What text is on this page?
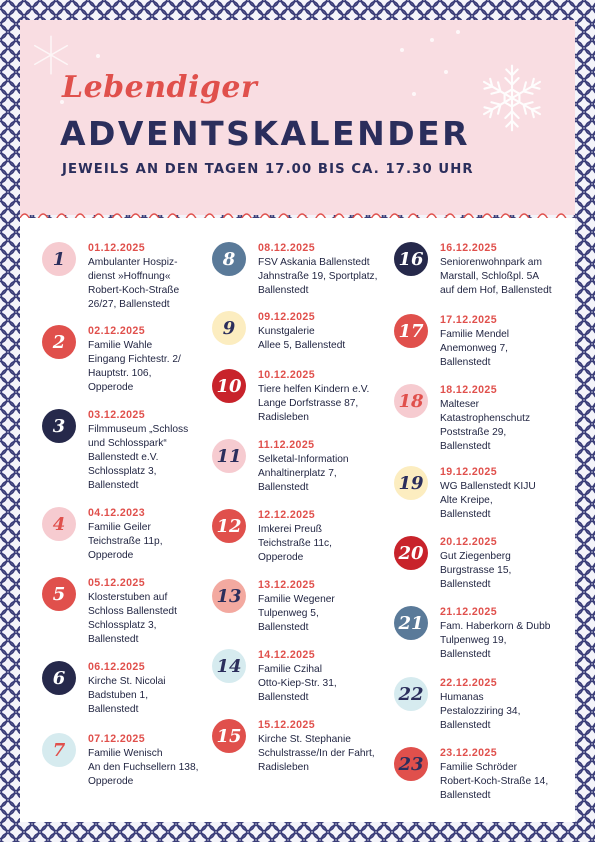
Lebendiger
ADVENTSKALENDER
JEWEILS AN DEN TAGEN 17.00 BIS CA. 17.30 UHR
1
01.12.2025
Ambulanter Hospiz-
dienst »Hoffnung«
Robert-Koch-Straße
26/27, Ballenstedt
2
02.12.2025
Familie Wahle
Eingang Fichtestr. 2/
Hauptstr. 106,
Opperode
3
03.12.2025
Filmmuseum „Schloss
und Schlosspark“
Ballenstedt e.V.
Schlossplatz 3,
Ballenstedt
4
04.12.2023
Familie Geiler
Teichstraße 11p,
Opperode
5
05.12.2025
Klosterstuben auf
Schloss Ballenstedt
Schlossplatz 3,
Ballenstedt
6
06.12.2025
Kirche St. Nicolai
Badstuben 1,
Ballenstedt
7
07.12.2025
Familie Wenisch
An den Fuchsellern 138,
Opperode
8
08.12.2025
FSV Askania Ballenstedt
Jahnstraße 19, Sportplatz,
Ballenstedt
9
09.12.2025
Kunstgalerie
Allee 5, Ballenstedt
10
10.12.2025
Tiere helfen Kindern e.V.
Lange Dorfstrasse 87,
Radisleben
11
11.12.2025
Selketal-Information
Anhaltinerplatz 7,
Ballenstedt
12
12.12.2025
Imkerei Preuß
Teichstraße 11c,
Opperode
13
13.12.2025
Familie Wegener
Tulpenweg 5,
Ballenstedt
14
14.12.2025
Familie Czihal
Otto-Kiep-Str. 31,
Ballenstedt
15
15.12.2025
Kirche St. Stephanie
Schulstrasse/In der Fahrt,
Radisleben
16
16.12.2025
Seniorenwohnpark am
Marstall, Schloßpl. 5A
auf dem Hof, Ballenstedt
17
17.12.2025
Familie Mendel
Anemonweg 7,
Ballenstedt
18
18.12.2025
Malteser
Katastrophenschutz
Poststraße 29,
Ballenstedt
19
19.12.2025
WG Ballenstedt KIJU
Alte Kreipe,
Ballenstedt
20
20.12.2025
Gut Ziegenberg
Burgstrasse 15,
Ballenstedt
21
21.12.2025
Fam. Haberkorn & Dubb
Tulpenweg 19,
Ballenstedt
22
22.12.2025
Humanas
Pestalozziring 34,
Ballenstedt
23
23.12.2025
Familie Schröder
Robert-Koch-Straße 14,
Ballenstedt
